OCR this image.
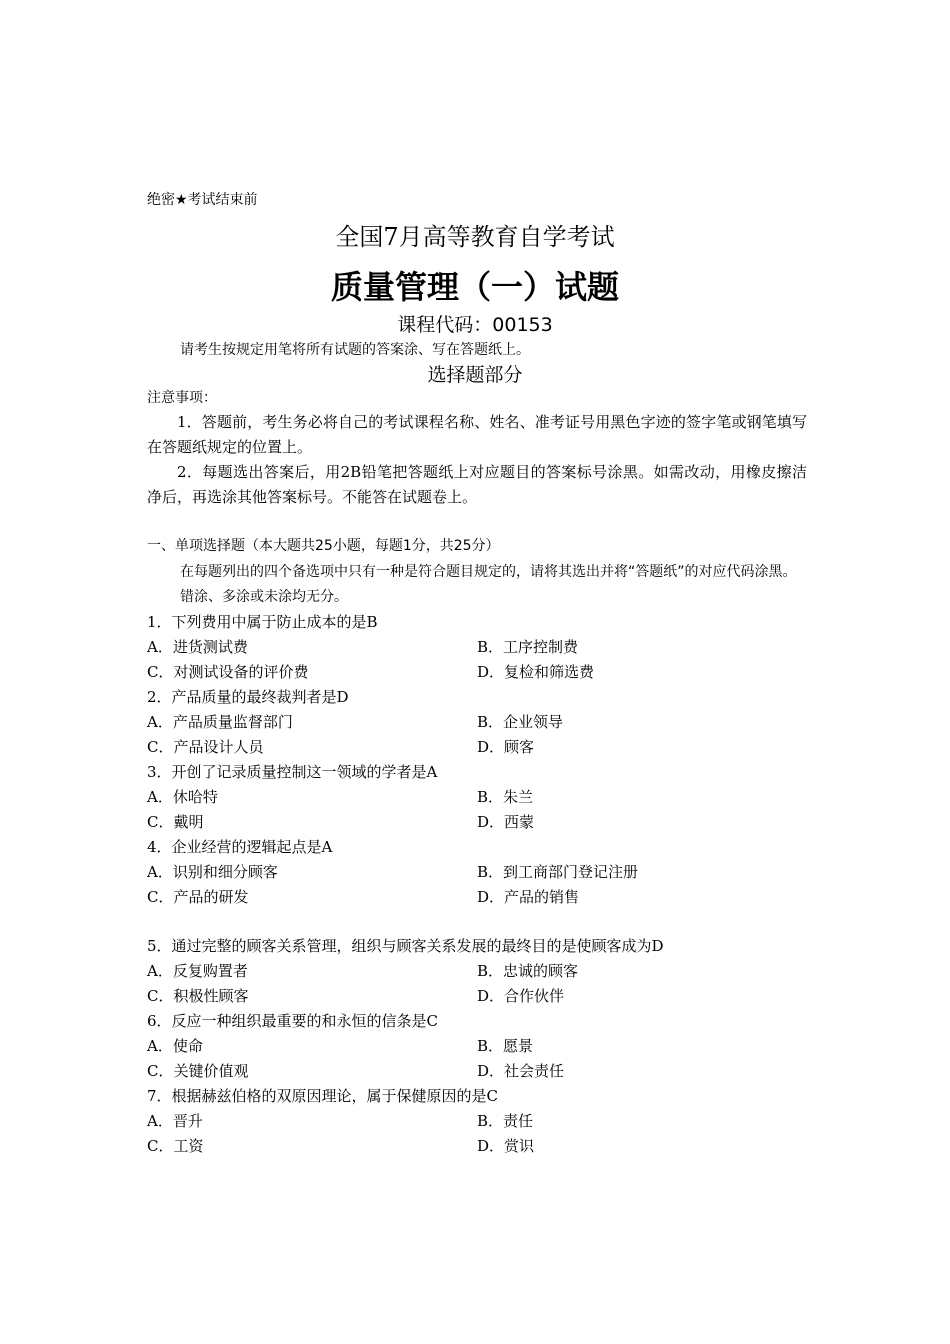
绝密★考试结束前
全国7月高等教育自学考试
质量管理（一）试题
课程代码：00153
请考生按规定用笔将所有试题的答案涂、写在答题纸上。
选择题部分
注意事项：
1．答题前，考生务必将自己的考试课程名称、姓名、准考证号用黑色字迹的签字笔或钢笔填写在答题纸规定的位置上。
2．每题选出答案后，用2B铅笔把答题纸上对应题目的答案标号涂黑。如需改动，用橡皮擦洁净后，再选涂其他答案标号。不能答在试题卷上。
一、单项选择题（本大题共25小题，每题1分，共25分）
在每题列出的四个备选项中只有一种是符合题目规定的，请将其选出并将“答题纸”的对应代码涂黑。错涂、多涂或未涂均无分。
1．下列费用中属于防止成本的是B
A．进货测试费	B．工序控制费
C．对测试设备的评价费	D．复检和筛选费
2．产品质量的最终裁判者是D
A．产品质量监督部门	B．企业领导
C．产品设计人员	D．顾客
3．开创了记录质量控制这一领域的学者是A
A．休哈特	B．朱兰
C．戴明	D．西蒙
4．企业经营的逻辑起点是A
A．识别和细分顾客	B．到工商部门登记注册
C．产品的研发	D．产品的销售
5．通过完整的顾客关系管理，组织与顾客关系发展的最终目的是使顾客成为D
A．反复购置者	B．忠诚的顾客
C．积极性顾客	D．合作伙伴
6．反应一种组织最重要的和永恒的信条是C
A．使命	B．愿景
C．关键价值观	D．社会责任
7．根据赫兹伯格的双原因理论，属于保健原因的是C
A．晋升	B．责任
C．工资	D．赏识
